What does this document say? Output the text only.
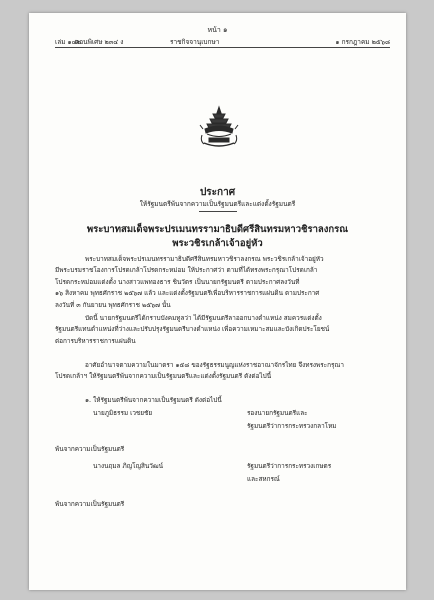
หน้า ๑
เล่ม ๑๔๒
ตอนพิเศษ ๒๓๔ ง	ราชกิจจานุเบกษา	๑ กรกฎาคม ๒๕๖๘
ประกาศ
ให้รัฐมนตรีพ้นจากความเป็นรัฐมนตรีและแต่งตั้งรัฐมนตรี
พระบาทสมเด็จพระปรเมนทรรามาธิบดีศรีสินทรมหาวชิราลงกรณ
พระวชิรเกล้าเจ้าอยู่หัว

พระบาทสมเด็จพระปรเมนทรรามาธิบดีศรีสินทรมหาวชิราลงกรณ พระวชิรเกล้าเจ้าอยู่หัว

มีพระบรมราชโองการโปรดเกล้าโปรดกระหม่อม ให้ประกาศว่า ตามที่ได้ทรงพระกรุณาโปรดเกล้า

โปรดกระหม่อมแต่งตั้ง นางสาวแพทองธาร ชินวัตร เป็นนายกรัฐมนตรี ตามประกาศลงวันที่

๑๖ สิงหาคม พุทธศักราช ๒๕๖๗ แล้ว และแต่งตั้งรัฐมนตรีเพื่อบริหารราชการแผ่นดิน ตามประกาศ

ลงวันที่ ๓ กันยายน พุทธศักราช ๒๕๖๗ นั้น

บัดนี้ นายกรัฐมนตรีได้กราบบังคมทูลว่า ได้มีรัฐมนตรีลาออกบางตำแหน่ง สมควรแต่งตั้ง

รัฐมนตรีแทนตำแหน่งที่ว่างและปรับปรุงรัฐมนตรีบางตำแหน่ง เพื่อความเหมาะสมและบังเกิดประโยชน์

ต่อการบริหารราชการแผ่นดิน

อาศัยอำนาจตามความในมาตรา ๑๕๘ ของรัฐธรรมนูญแห่งราชอาณาจักรไทย จึงทรงพระกรุณา

โปรดเกล้าฯ ให้รัฐมนตรีพ้นจากความเป็นรัฐมนตรีและแต่งตั้งรัฐมนตรี ดังต่อไปนี้

๑. ให้รัฐมนตรีพ้นจากความเป็นรัฐมนตรี ดังต่อไปนี้
นายภูมิธรรม เวชยชัย	รองนายกรัฐมนตรีและ
รัฐมนตรีว่าการกระทรวงกลาโหม
พ้นจากความเป็นรัฐมนตรี
นางนฤมล ภิญโญสินวัฒน์	รัฐมนตรีว่าการกระทรวงเกษตร
และสหกรณ์
พ้นจากความเป็นรัฐมนตรี
